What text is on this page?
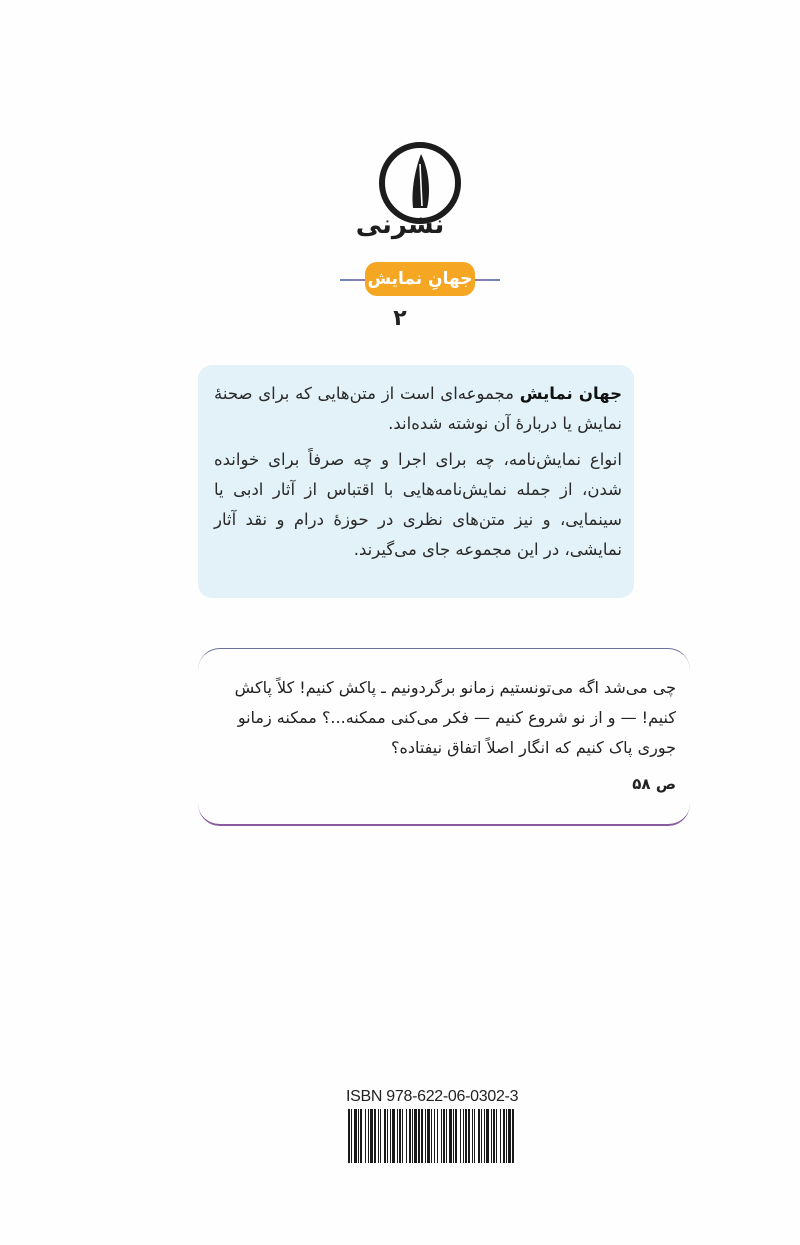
نشرنی
جهانِ نمایش
۲

جهان نمایش مجموعه‌ای است از متن‌هایی که برای صحنهٔ نمایش یا دربارهٔ آن نوشته شده‌اند.

انواع نمایش‌نامه، چه برای اجرا و چه صرفاً برای خوانده شدن، از جمله نمایش‌نامه‌هایی با اقتباس از آثار ادبی یا سینمایی، و نیز متن‌های نظری در حوزهٔ درام و نقد آثار نمایشی، در این مجموعه جای می‌گیرند.

چی می‌شد اگه می‌تونستیم زمانو برگردونیم ـ پاکش کنیم! کلاً پاکش کنیم! — و از نو شروع کنیم — فکر می‌کنی ممکنه...؟ ممکنه زمانو جوری پاک کنیم که انگار اصلاً اتفاق نیفتاده؟

ص ۵۸
ISBN 978-622-06-0302-3
